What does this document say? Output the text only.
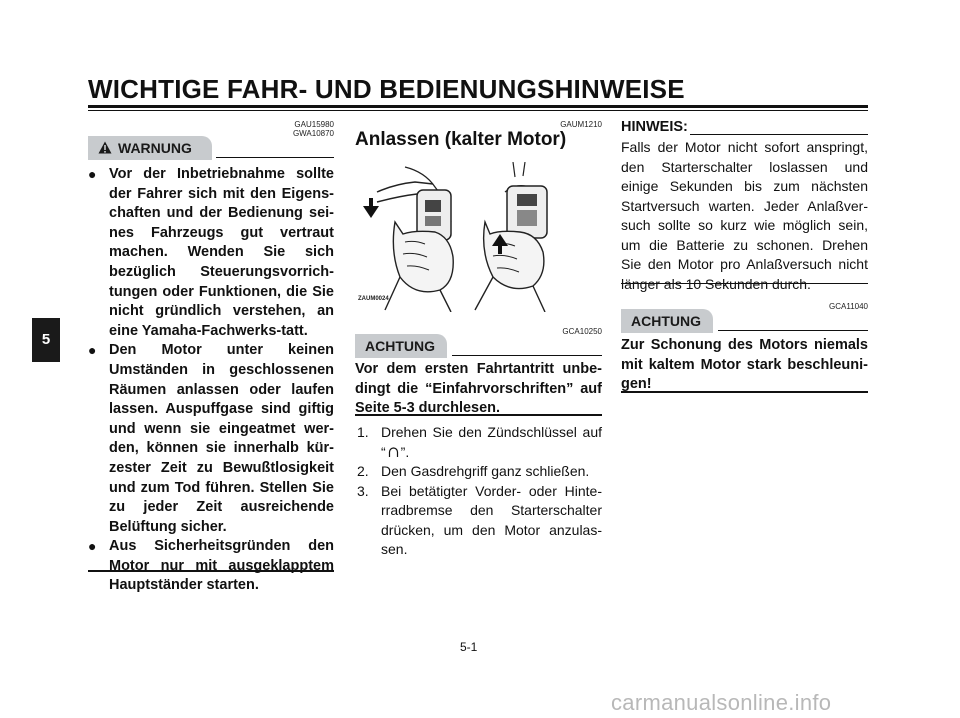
WICHTIGE FAHR- UND BEDIENUNGSHINWEISE
5
GAU15980
GWA10870
WARNUNG
● Vor der Inbetriebnahme sollte der Fahrer sich mit den Eigens-chaften und der Bedienung sei-nes Fahrzeugs gut vertraut machen. Wenden Sie sich bezüglich Steuerungsvorrich-tungen oder Funktionen, die Sie nicht gründlich verstehen, an eine Yamaha-Fachwerks-tatt.
● Den Motor unter keinen Umständen in geschlossenen Räumen anlassen oder laufen lassen. Auspuffgase sind giftig und wenn sie eingeatmet wer-den, können sie innerhalb kür-zester Zeit zu Bewußtlosigkeit und zum Tod führen. Stellen Sie zu jeder Zeit ausreichende Belüftung sicher.
● Aus Sicherheitsgründen den Motor nur mit ausgeklapptem Hauptständer starten.
GAUM1210
Anlassen (kalter Motor)
ZAUM0024
GCA10250
ACHTUNG
Vor dem ersten Fahrtantritt unbe-dingt die “Einfahrvorschriften” auf Seite 5-3 durchlesen.
1. Drehen Sie den Zündschlüssel auf “ ”.
2. Den Gasdrehgriff ganz schließen.
3. Bei betätigter Vorder- oder Hinte-rradbremse den Starterschalter drücken, um den Motor anzulas-sen.
HINWEIS:
Falls der Motor nicht sofort anspringt, den Starterschalter loslassen und einige Sekunden bis zum nächsten Startversuch warten. Jeder Anlaßver-such sollte so kurz wie möglich sein, um die Batterie zu schonen. Drehen Sie den Motor pro Anlaßversuch nicht länger als 10 Sekunden durch.
GCA11040
ACHTUNG
Zur Schonung des Motors niemals mit kaltem Motor stark beschleuni-gen!
5-1
carmanualsonline.info
